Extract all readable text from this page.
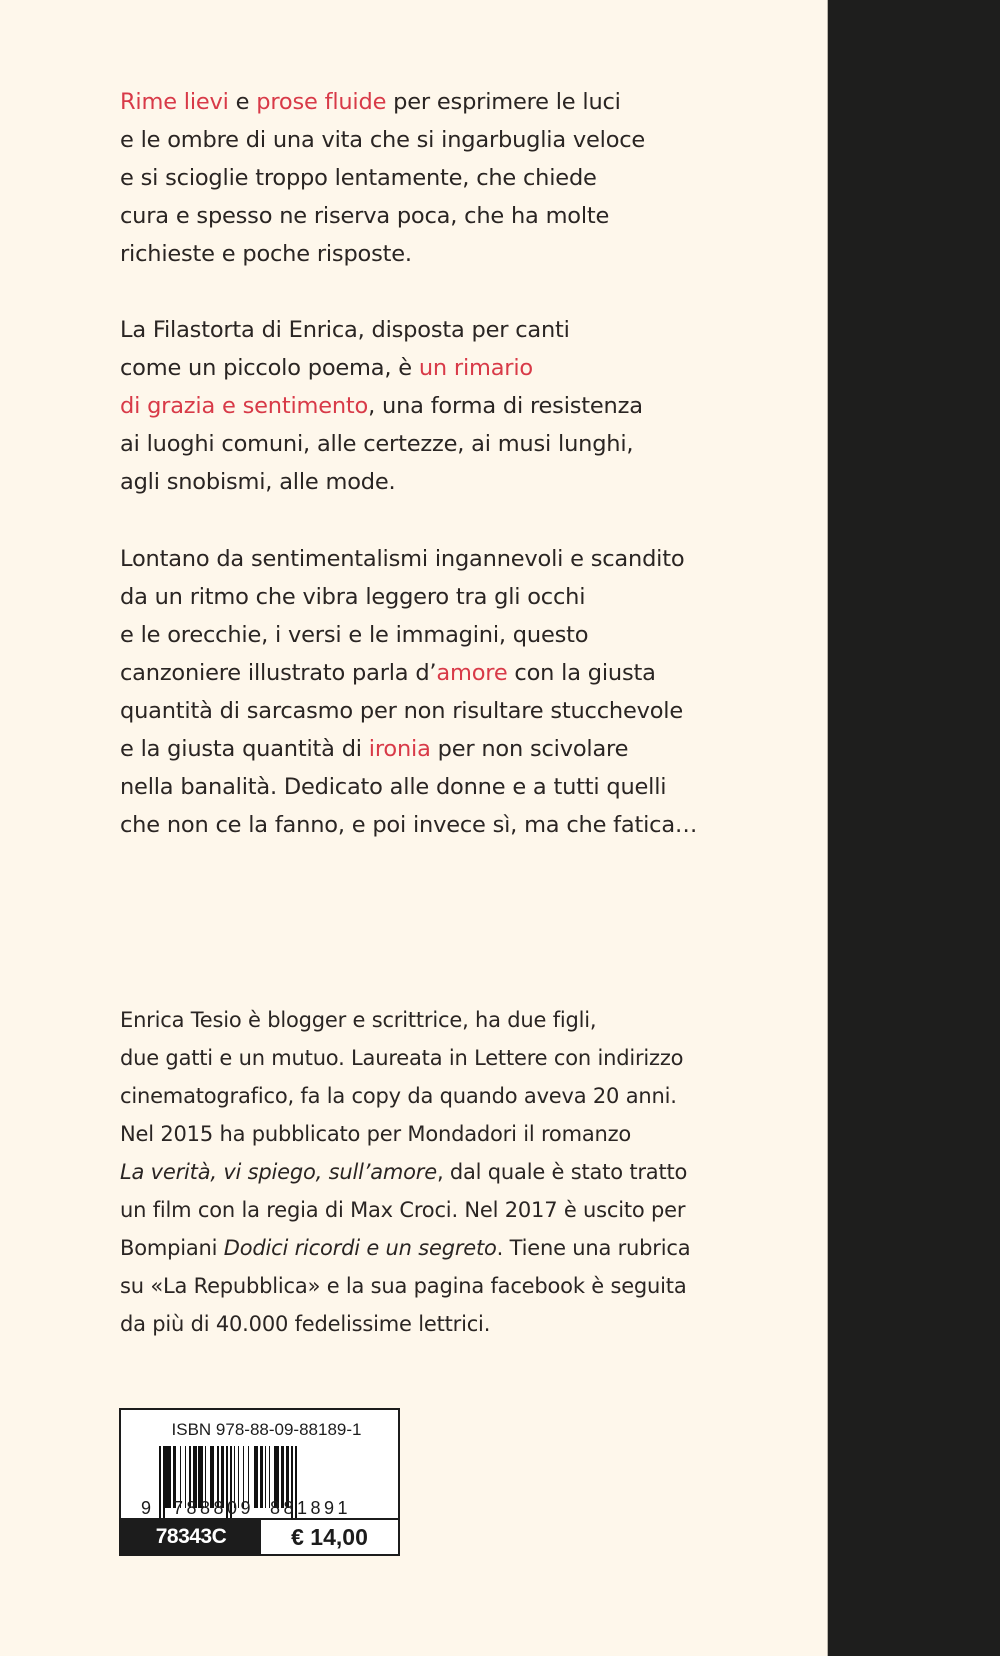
Rime lievi e prose fluide per esprimere le luci
e le ombre di una vita che si ingarbuglia veloce
e si scioglie troppo lentamente, che chiede
cura e spesso ne riserva poca, che ha molte
richieste e poche risposte.
La Filastorta di Enrica, disposta per canti
come un piccolo poema, è un rimario
di grazia e sentimento, una forma di resistenza
ai luoghi comuni, alle certezze, ai musi lunghi,
agli snobismi, alle mode.
Lontano da sentimentalismi ingannevoli e scandito
da un ritmo che vibra leggero tra gli occhi
e le orecchie, i versi e le immagini, questo
canzoniere illustrato parla d’amore con la giusta
quantità di sarcasmo per non risultare stucchevole
e la giusta quantità di ironia per non scivolare
nella banalità. Dedicato alle donne e a tutti quelli
che non ce la fanno, e poi invece sì, ma che fatica…
Enrica Tesio è blogger e scrittrice, ha due figli,
due gatti e un mutuo. Laureata in Lettere con indirizzo
cinematografico, fa la copy da quando aveva 20 anni.
Nel 2015 ha pubblicato per Mondadori il romanzo
La verità, vi spiego, sull’amore, dal quale è stato tratto
un film con la regia di Max Croci. Nel 2017 è uscito per
Bompiani Dodici ricordi e un segreto. Tiene una rubrica
su «La Repubblica» e la sua pagina facebook è seguita
da più di 40.000 fedelissime lettrici.
ISBN 978-88-09-88189-1
9 788809 881891
78343C	€ 14,00
